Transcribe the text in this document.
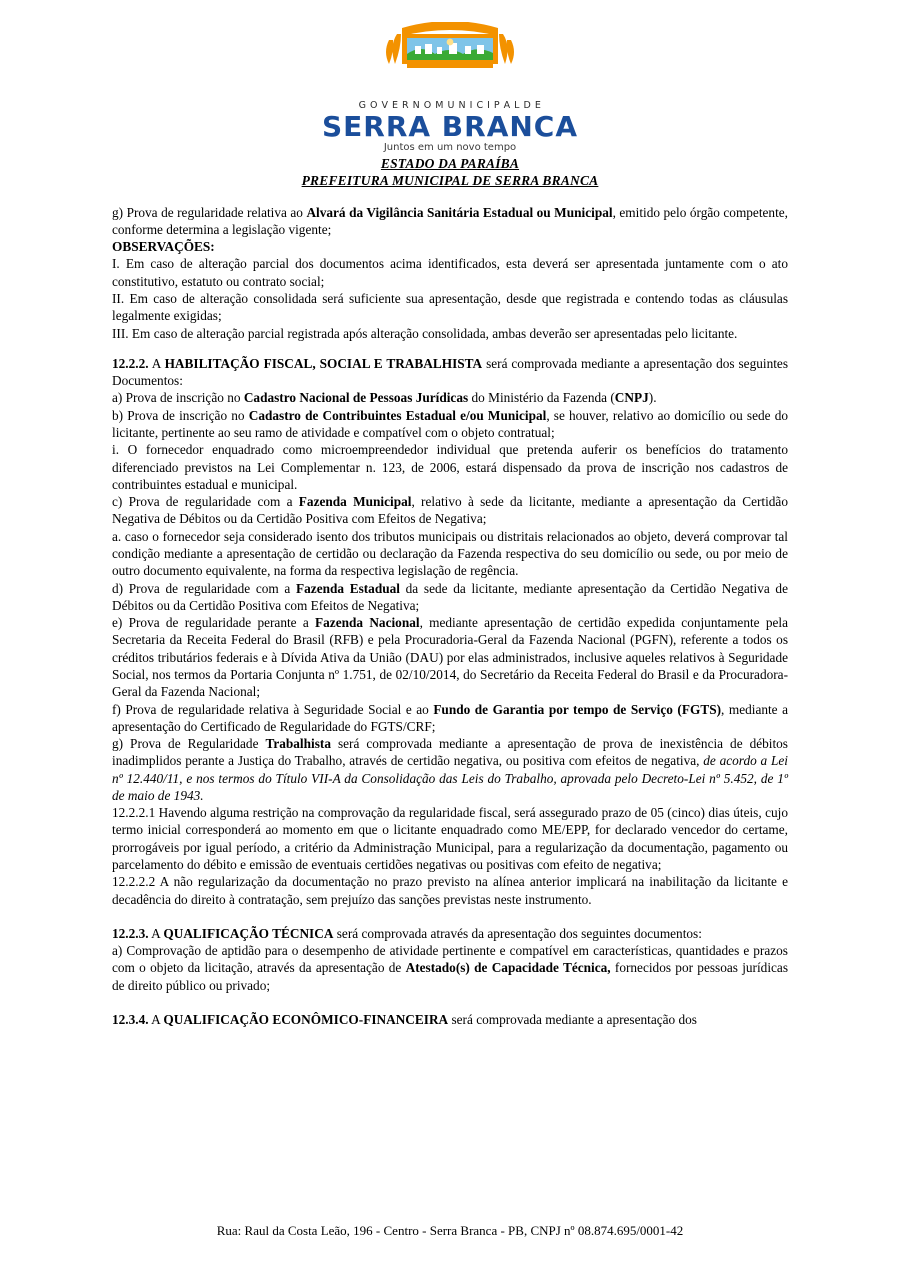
G O V E R N O M U N I C I P A L D E
SERRA BRANCA
Juntos em um novo tempo
ESTADO DA PARAÍBA
PREFEITURA MUNICIPAL DE SERRA BRANCA

g) Prova de regularidade relativa ao Alvará da Vigilância Sanitária Estadual ou Municipal, emitido pelo órgão competente, conforme determina a legislação vigente;

OBSERVAÇÕES:

I. Em caso de alteração parcial dos documentos acima identificados, esta deverá ser apresentada juntamente com o ato constitutivo, estatuto ou contrato social;

II. Em caso de alteração consolidada será suficiente sua apresentação, desde que registrada e contendo todas as cláusulas legalmente exigidas;

III. Em caso de alteração parcial registrada após alteração consolidada, ambas deverão ser apresentadas pelo licitante.

12.2.2. A HABILITAÇÃO FISCAL, SOCIAL E TRABALHISTA será comprovada mediante a apresentação dos seguintes Documentos:

a) Prova de inscrição no Cadastro Nacional de Pessoas Jurídicas do Ministério da Fazenda (CNPJ).

b) Prova de inscrição no Cadastro de Contribuintes Estadual e/ou Municipal, se houver, relativo ao domicílio ou sede do licitante, pertinente ao seu ramo de atividade e compatível com o objeto contratual;

i. O fornecedor enquadrado como microempreendedor individual que pretenda auferir os benefícios do tratamento diferenciado previstos na Lei Complementar n. 123, de 2006, estará dispensado da prova de inscrição nos cadastros de contribuintes estadual e municipal.

c) Prova de regularidade com a Fazenda Municipal, relativo à sede da licitante, mediante a apresentação da Certidão Negativa de Débitos ou da Certidão Positiva com Efeitos de Negativa;

a. caso o fornecedor seja considerado isento dos tributos municipais ou distritais relacionados ao objeto, deverá comprovar tal condição mediante a apresentação de certidão ou declaração da Fazenda respectiva do seu domicílio ou sede, ou por meio de outro documento equivalente, na forma da respectiva legislação de regência.

d) Prova de regularidade com a Fazenda Estadual da sede da licitante, mediante apresentação da Certidão Negativa de Débitos ou da Certidão Positiva com Efeitos de Negativa;

e) Prova de regularidade perante a Fazenda Nacional, mediante apresentação de certidão expedida conjuntamente pela Secretaria da Receita Federal do Brasil (RFB) e pela Procuradoria-Geral da Fazenda Nacional (PGFN), referente a todos os créditos tributários federais e à Dívida Ativa da União (DAU) por elas administrados, inclusive aqueles relativos à Seguridade Social, nos termos da Portaria Conjunta nº 1.751, de 02/10/2014, do Secretário da Receita Federal do Brasil e da Procuradora-Geral da Fazenda Nacional;

f) Prova de regularidade relativa à Seguridade Social e ao Fundo de Garantia por tempo de Serviço (FGTS), mediante a apresentação do Certificado de Regularidade do FGTS/CRF;

g) Prova de Regularidade Trabalhista será comprovada mediante a apresentação de prova de inexistência de débitos inadimplidos perante a Justiça do Trabalho, através de certidão negativa, ou positiva com efeitos de negativa, de acordo a Lei nº 12.440/11, e nos termos do Título VII-A da Consolidação das Leis do Trabalho, aprovada pelo Decreto-Lei nº 5.452, de 1º de maio de 1943.

12.2.2.1 Havendo alguma restrição na comprovação da regularidade fiscal, será assegurado prazo de 05 (cinco) dias úteis, cujo termo inicial corresponderá ao momento em que o licitante enquadrado como ME/EPP, for declarado vencedor do certame, prorrogáveis por igual período, a critério da Administração Municipal, para a regularização da documentação, pagamento ou parcelamento do débito e emissão de eventuais certidões negativas ou positivas com efeito de negativa;

12.2.2.2 A não regularização da documentação no prazo previsto na alínea anterior implicará na inabilitação da licitante e decadência do direito à contratação, sem prejuízo das sanções previstas neste instrumento.

12.2.3. A QUALIFICAÇÃO TÉCNICA será comprovada através da apresentação dos seguintes documentos:

a) Comprovação de aptidão para o desempenho de atividade pertinente e compatível em características, quantidades e prazos com o objeto da licitação, através da apresentação de Atestado(s) de Capacidade Técnica, fornecidos por pessoas jurídicas de direito público ou privado;

12.3.4. A QUALIFICAÇÃO ECONÔMICO-FINANCEIRA será comprovada mediante a apresentação dos

Rua: Raul da Costa Leão, 196 - Centro - Serra Branca - PB, CNPJ nº 08.874.695/0001-42
